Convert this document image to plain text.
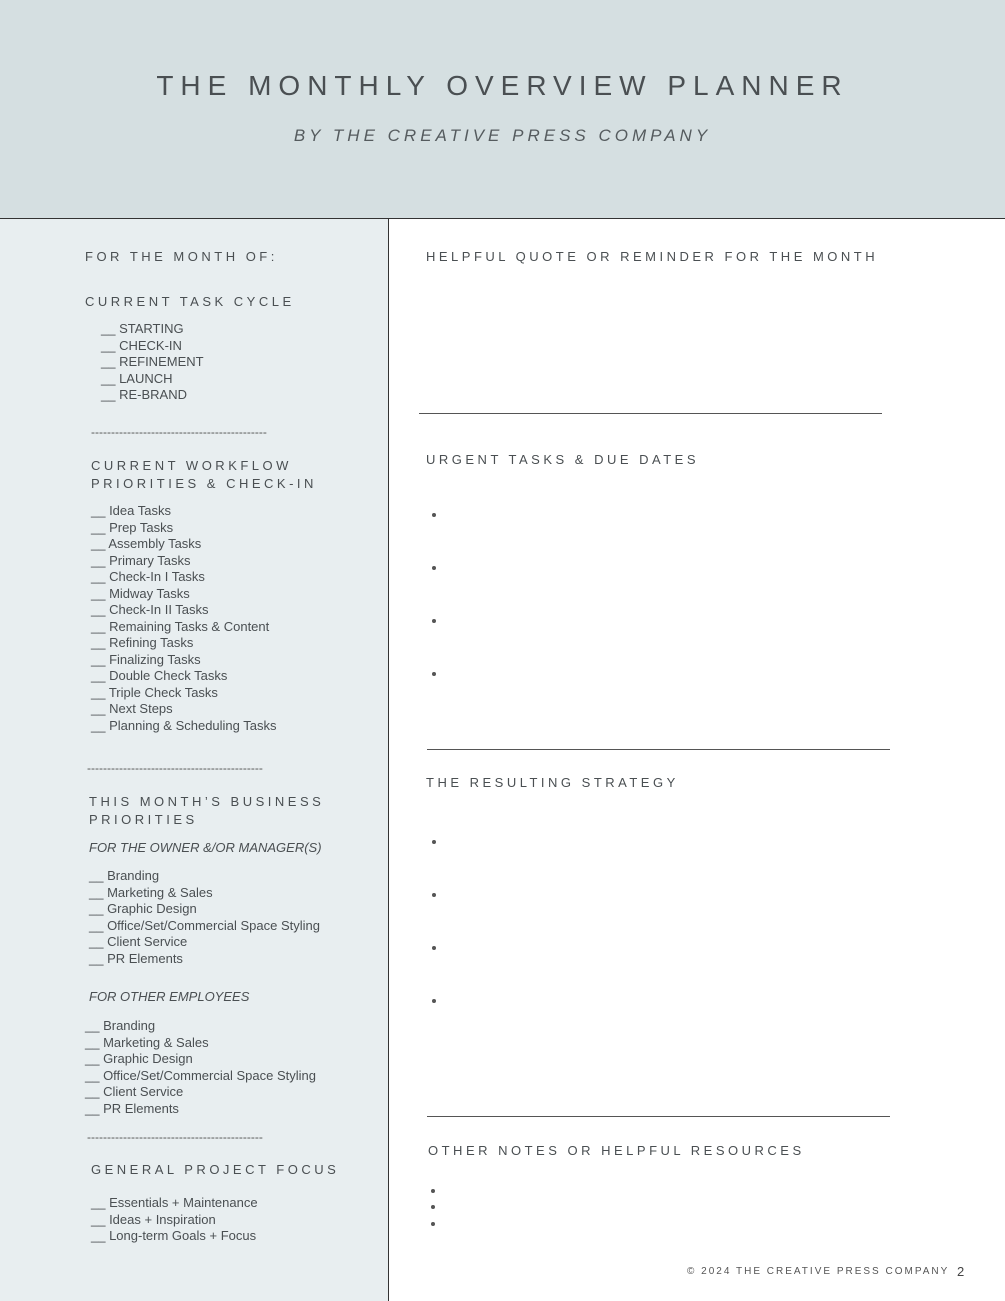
THE MONTHLY OVERVIEW PLANNER
BY THE CREATIVE PRESS COMPANY
FOR THE MONTH OF:
CURRENT TASK CYCLE
__ STARTING
__ CHECK-IN
__ REFINEMENT
__ LAUNCH
__ RE-BRAND
--------------------------------------------
CURRENT WORKFLOW
PRIORITIES & CHECK-IN
__ Idea Tasks
__ Prep Tasks
__ Assembly Tasks
__ Primary Tasks
__ Check-In I Tasks
__ Midway Tasks
__ Check-In II Tasks
__ Remaining Tasks & Content
__ Refining Tasks
__ Finalizing Tasks
__ Double Check Tasks
__ Triple Check Tasks
__ Next Steps
__ Planning & Scheduling Tasks
--------------------------------------------
THIS MONTH’S BUSINESS
PRIORITIES
FOR THE OWNER &/OR MANAGER(S)
__ Branding
__ Marketing & Sales
__ Graphic Design
__ Office/Set/Commercial Space Styling
__ Client Service
__ PR Elements
FOR OTHER EMPLOYEES
__ Branding
__ Marketing & Sales
__ Graphic Design
__ Office/Set/Commercial Space Styling
__ Client Service
__ PR Elements
--------------------------------------------
GENERAL PROJECT FOCUS
__ Essentials + Maintenance
__ Ideas + Inspiration
__ Long-term Goals + Focus
HELPFUL QUOTE OR REMINDER FOR THE MONTH
URGENT TASKS & DUE DATES
THE RESULTING STRATEGY
OTHER NOTES OR HELPFUL RESOURCES
© 2024 THE CREATIVE PRESS COMPANY 2
